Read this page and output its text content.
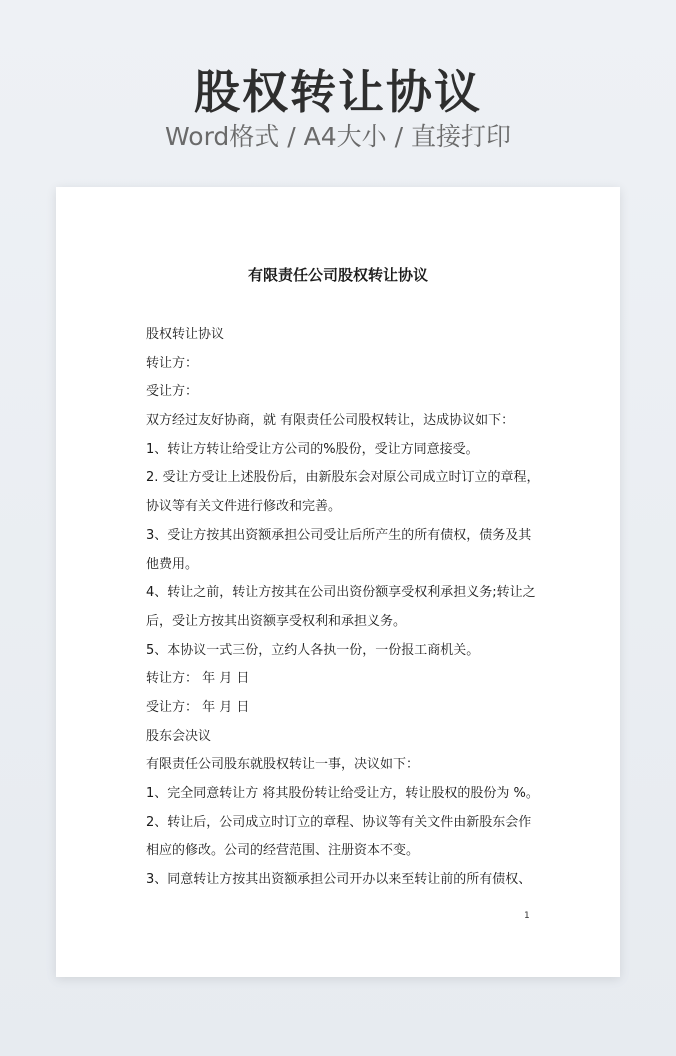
股权转让协议
Word格式 / A4大小 / 直接打印
有限责任公司股权转让协议
股权转让协议
转让方：
受让方：
双方经过友好协商，就 有限责任公司股权转让，达成协议如下：
1、转让方转让给受让方公司的%股份，受让方同意接受。
2. 受让方受让上述股份后，由新股东会对原公司成立时订立的章程，
协议等有关文件进行修改和完善。
3、受让方按其出资额承担公司受让后所产生的所有债权，债务及其
他费用。
4、转让之前，转让方按其在公司出资份额享受权利承担义务;转让之
后，受让方按其出资额享受权利和承担义务。
5、本协议一式三份，立约人各执一份，一份报工商机关。
转让方： 年 月 日
受让方： 年 月 日
股东会决议
有限责任公司股东就股权转让一事，决议如下：
1、完全同意转让方 将其股份转让给受让方，转让股权的股份为 %。
2、转让后，公司成立时订立的章程、协议等有关文件由新股东会作
相应的修改。公司的经营范围、注册资本不变。
3、同意转让方按其出资额承担公司开办以来至转让前的所有债权、
1
